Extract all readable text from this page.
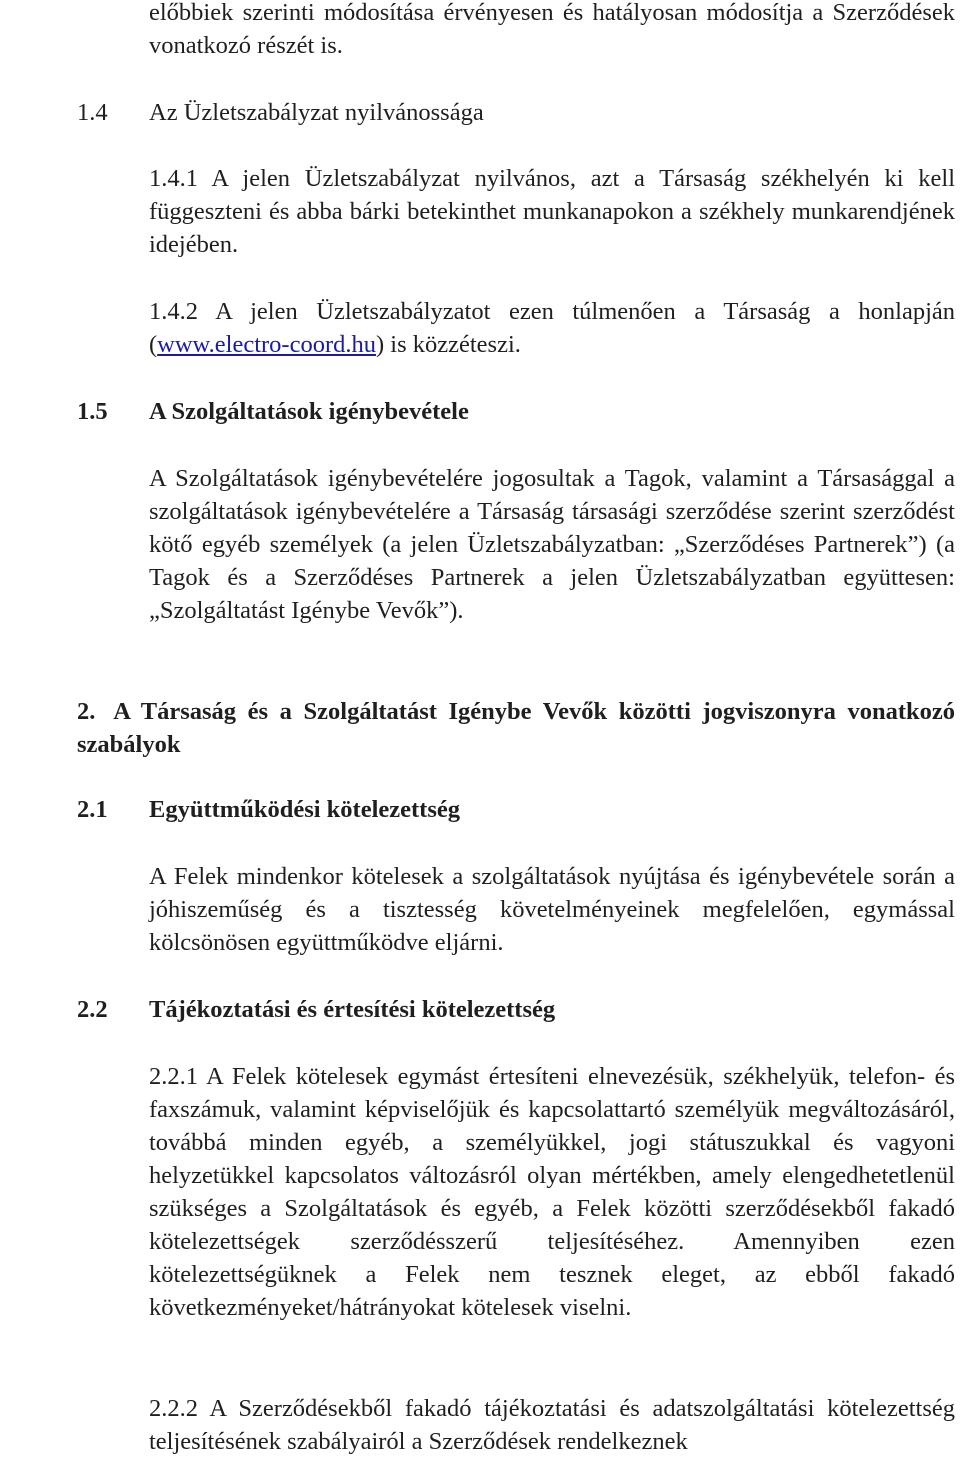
előbbiek szerinti módosítása érvényesen és hatályosan módosítja a Szerződések vonatkozó részét is.

1.4 Az Üzletszabályzat nyilvánossága

1.4.1 A jelen Üzletszabályzat nyilvános, azt a Társaság székhelyén ki kell függeszteni és abba bárki betekinthet munkanapokon a székhely munkarendjének idejében.

1.4.2 A jelen Üzletszabályzatot ezen túlmenően a Társaság a honlapján (www.electro-coord.hu) is közzéteszi.

1.5 A Szolgáltatások igénybevétele

A Szolgáltatások igénybevételére jogosultak a Tagok, valamint a Társasággal a szolgáltatások igénybevételére a Társaság társasági szerződése szerint szerződést kötő egyéb személyek (a jelen Üzletszabályzatban: „Szerződéses Partnerek”) (a Tagok és a Szerződéses Partnerek a jelen Üzletszabályzatban együttesen: „Szolgáltatást Igénybe Vevők”).

2. A Társaság és a Szolgáltatást Igénybe Vevők közötti jogviszonyra vonatkozó szabályok

2.1 Együttműködési kötelezettség

A Felek mindenkor kötelesek a szolgáltatások nyújtása és igénybevétele során a jóhiszeműség és a tisztesség követelményeinek megfelelően, egymással kölcsönösen együttműködve eljárni.

2.2 Tájékoztatási és értesítési kötelezettség

2.2.1 A Felek kötelesek egymást értesíteni elnevezésük, székhelyük, telefon- és faxszámuk, valamint képviselőjük és kapcsolattartó személyük megváltozásáról, továbbá minden egyéb, a személyükkel, jogi státuszukkal és vagyoni helyzetükkel kapcsolatos változásról olyan mértékben, amely elengedhetetlenül szükséges a Szolgáltatások és egyéb, a Felek közötti szerződésekből fakadó kötelezettségek szerződésszerű teljesítéséhez. Amennyiben ezen kötelezettségüknek a Felek nem tesznek eleget, az ebből fakadó következményeket/hátrányokat kötelesek viselni.

2.2.2 A Szerződésekből fakadó tájékoztatási és adatszolgáltatási kötelezettség teljesítésének szabályairól a Szerződések rendelkeznek
